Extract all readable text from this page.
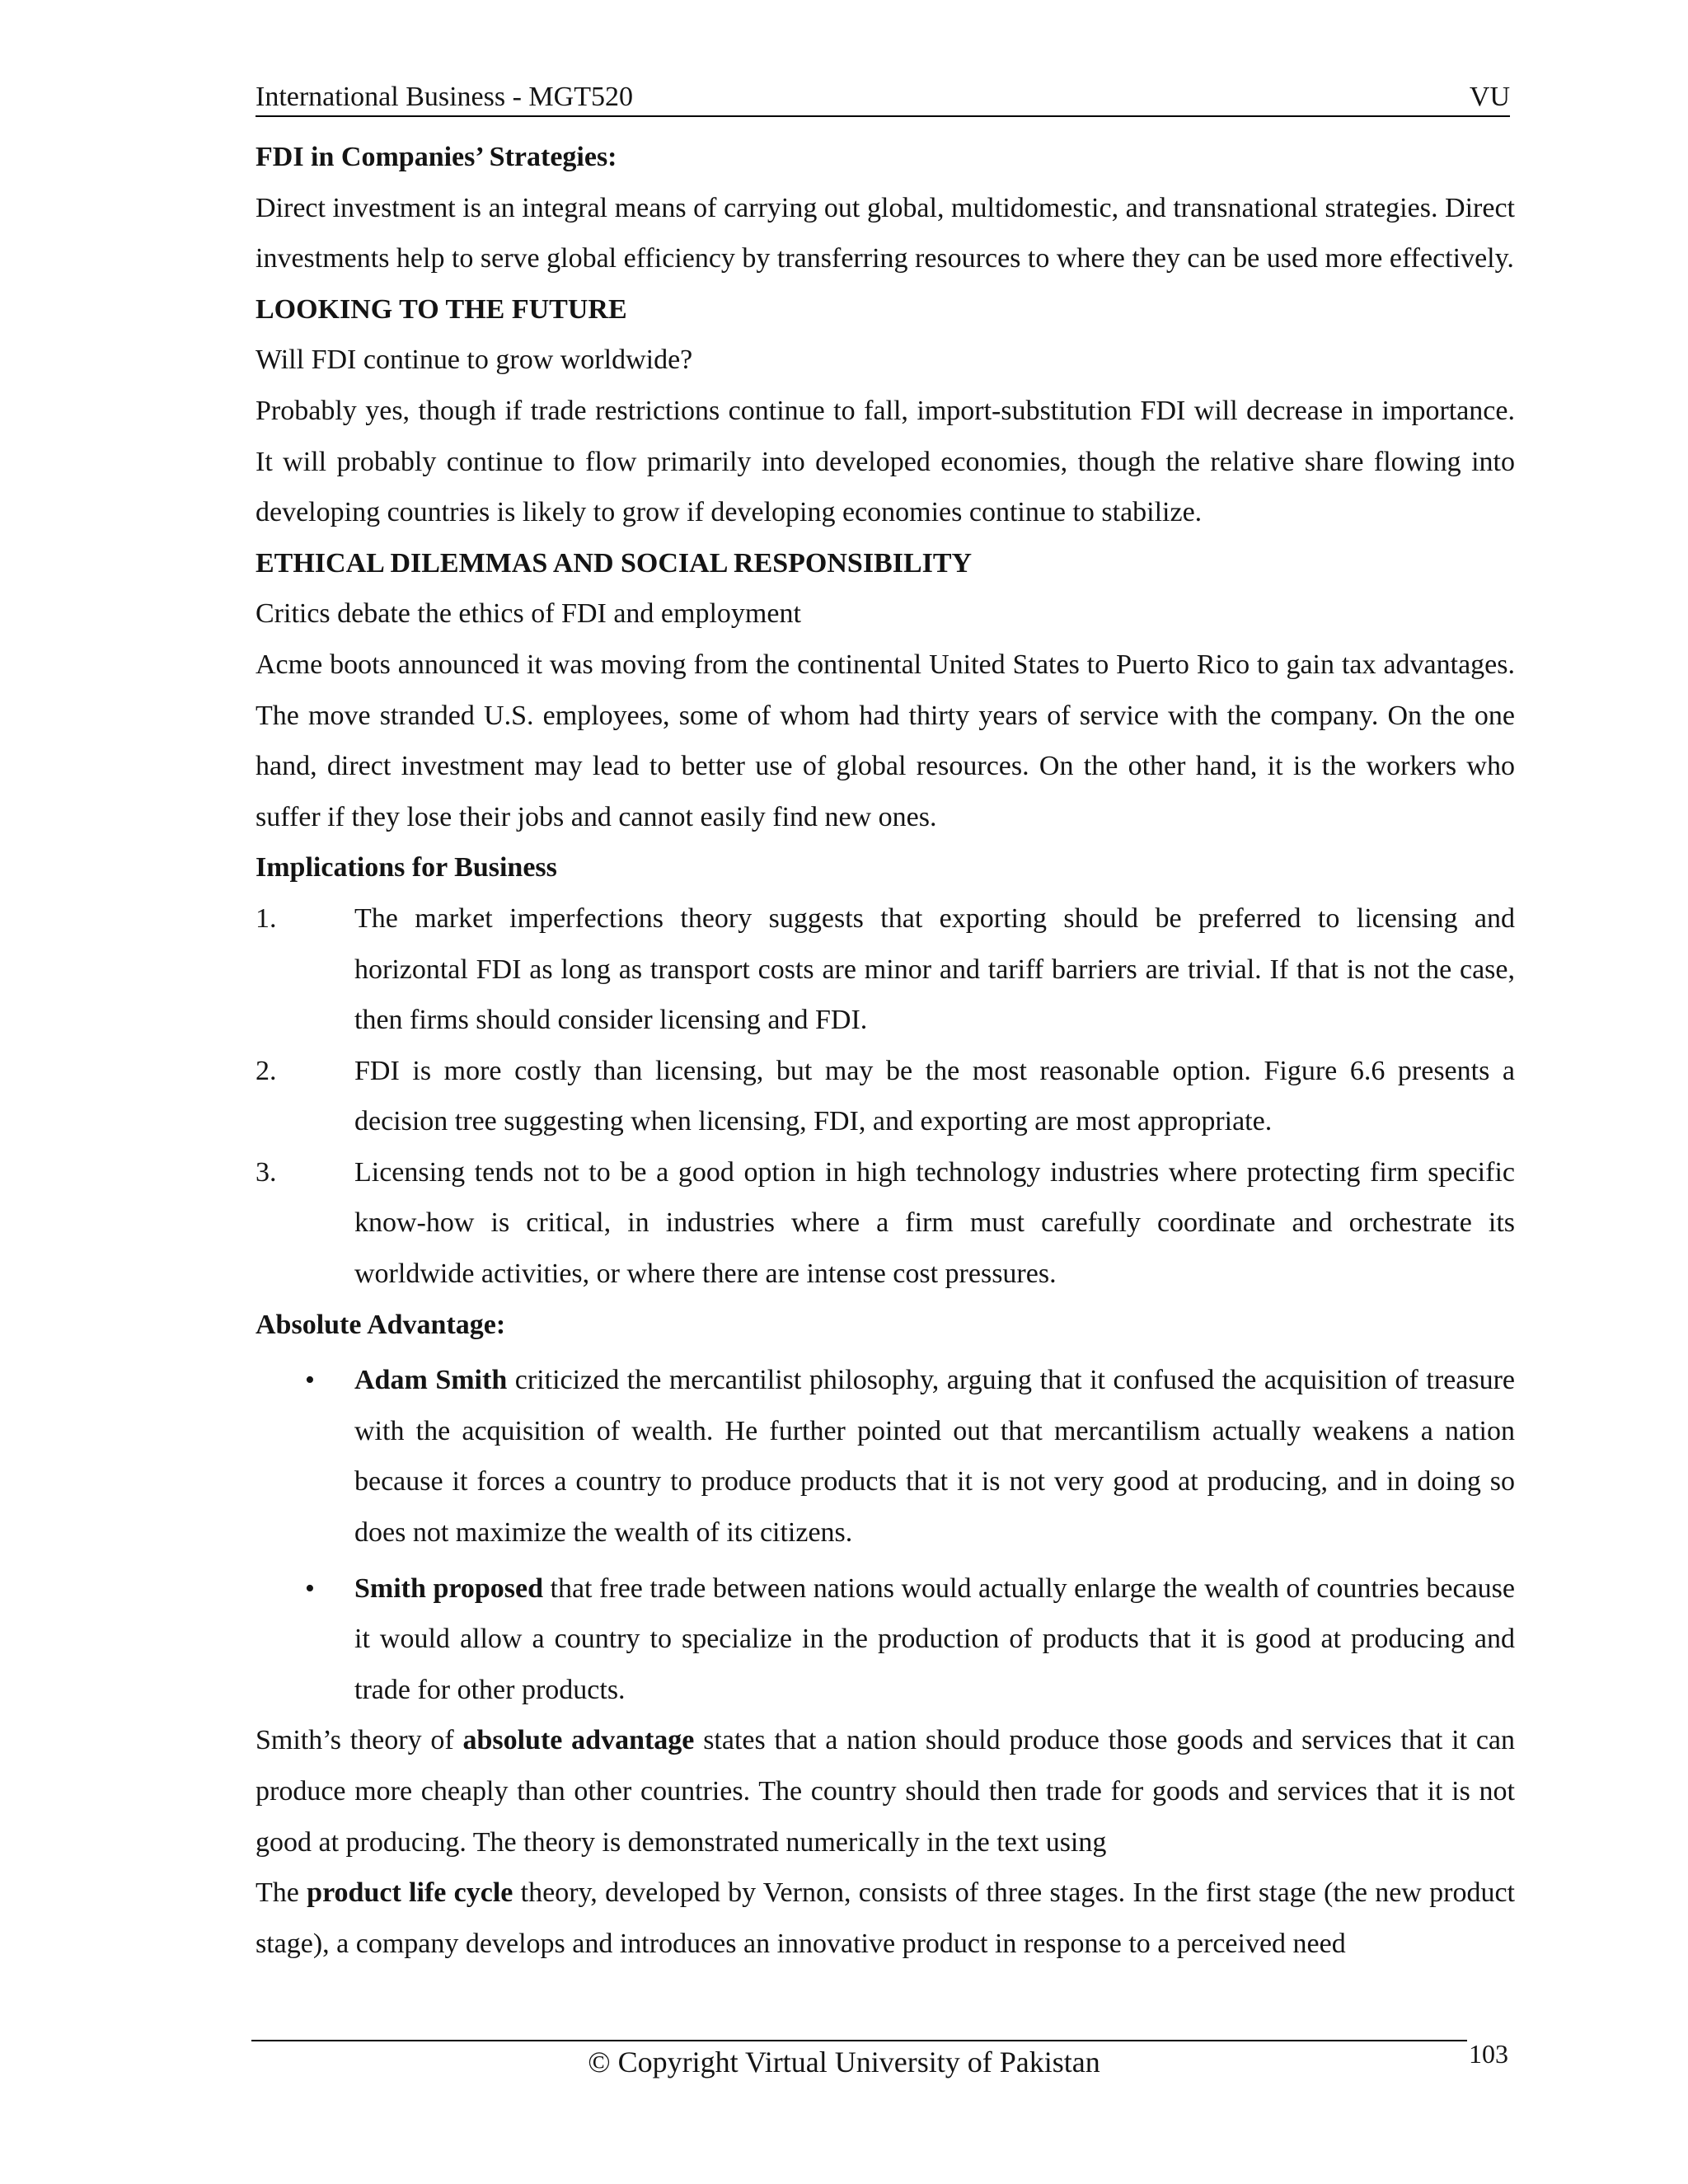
International Business - MGT520	VU
FDI in Companies’ Strategies:

Direct investment is an integral means of carrying out global, multidomestic, and transnational strategies. Direct investments help to serve global efficiency by transferring resources to where they can be used more effectively.

LOOKING TO THE FUTURE

Will FDI continue to grow worldwide?

Probably yes, though if trade restrictions continue to fall, import-substitution FDI will decrease in importance. It will probably continue to flow primarily into developed economies, though the relative share flowing into developing countries is likely to grow if developing economies continue to stabilize.

ETHICAL DILEMMAS AND SOCIAL RESPONSIBILITY

Critics debate the ethics of FDI and employment

Acme boots announced it was moving from the continental United States to Puerto Rico to gain tax advantages. The move stranded U.S. employees, some of whom had thirty years of service with the company. On the one hand, direct investment may lead to better use of global resources. On the other hand, it is the workers who suffer if they lose their jobs and cannot easily find new ones.

Implications for Business

1.	The market imperfections theory suggests that exporting should be preferred to licensing and horizontal FDI as long as transport costs are minor and tariff barriers are trivial. If that is not the case, then firms should consider licensing and FDI.

2.	FDI is more costly than licensing, but may be the most reasonable option. Figure 6.6 presents a decision tree suggesting when licensing, FDI, and exporting are most appropriate.

3.	Licensing tends not to be a good option in high technology industries where protecting firm specific know-how is critical, in industries where a firm must carefully coordinate and orchestrate its worldwide activities, or where there are intense cost pressures.

Absolute Advantage:

• Adam Smith criticized the mercantilist philosophy, arguing that it confused the acquisition of treasure with the acquisition of wealth. He further pointed out that mercantilism actually weakens a nation because it forces a country to produce products that it is not very good at producing, and in doing so does not maximize the wealth of its citizens.

• Smith proposed that free trade between nations would actually enlarge the wealth of countries because it would allow a country to specialize in the production of products that it is good at producing and trade for other products.

Smith’s theory of absolute advantage states that a nation should produce those goods and services that it can produce more cheaply than other countries. The country should then trade for goods and services that it is not good at producing. The theory is demonstrated numerically in the text using

The product life cycle theory, developed by Vernon, consists of three stages. In the first stage (the new product stage), a company develops and introduces an innovative product in response to a perceived need

© Copyright Virtual University of Pakistan	103
